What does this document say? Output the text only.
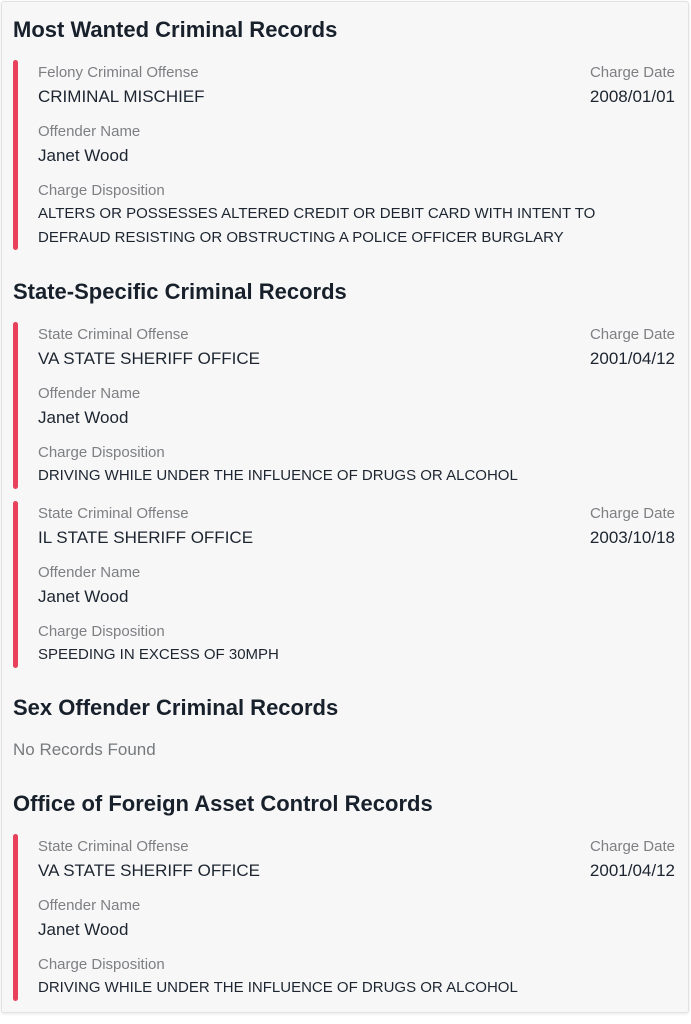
Most Wanted Criminal Records
Felony Criminal Offense	Charge Date
CRIMINAL MISCHIEF	2008/01/01
Offender Name
Janet Wood
Charge Disposition
ALTERS OR POSSESSES ALTERED CREDIT OR DEBIT CARD WITH INTENT TO DEFRAUD RESISTING OR OBSTRUCTING A POLICE OFFICER BURGLARY
State-Specific Criminal Records
State Criminal Offense	Charge Date
VA STATE SHERIFF OFFICE	2001/04/12
Offender Name
Janet Wood
Charge Disposition
DRIVING WHILE UNDER THE INFLUENCE OF DRUGS OR ALCOHOL
State Criminal Offense	Charge Date
IL STATE SHERIFF OFFICE	2003/10/18
Offender Name
Janet Wood
Charge Disposition
SPEEDING IN EXCESS OF 30MPH
Sex Offender Criminal Records
No Records Found
Office of Foreign Asset Control Records
State Criminal Offense	Charge Date
VA STATE SHERIFF OFFICE	2001/04/12
Offender Name
Janet Wood
Charge Disposition
DRIVING WHILE UNDER THE INFLUENCE OF DRUGS OR ALCOHOL
